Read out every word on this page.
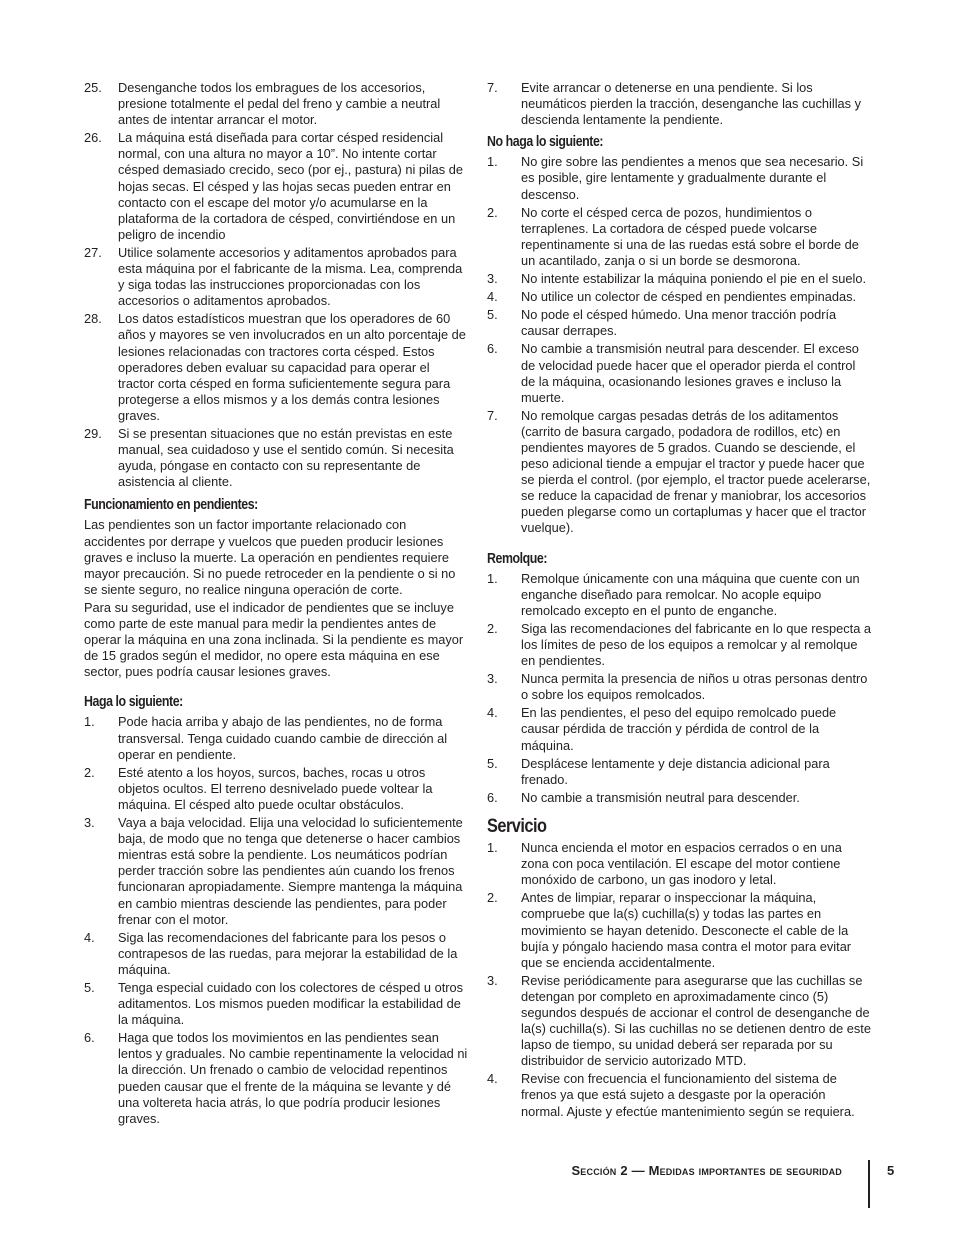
25. Desenganche todos los embragues de los accesorios, presione totalmente el pedal del freno y cambie a neutral antes de intentar arrancar el motor.
26. La máquina está diseñada para cortar césped residencial normal, con una altura no mayor a 10”. No intente cortar césped demasiado crecido, seco (por ej., pastura) ni pilas de hojas secas. El césped y las hojas secas pueden entrar en contacto con el escape del motor y/o acumularse en la plataforma de la cortadora de césped, convirtiéndose en un peligro de incendio
27. Utilice solamente accesorios y aditamentos aprobados para esta máquina por el fabricante de la misma. Lea, comprenda y siga todas las instrucciones proporcionadas con los accesorios o aditamentos aprobados.
28. Los datos estadísticos muestran que los operadores de 60 años y mayores se ven involucrados en un alto porcentaje de lesiones relacionadas con tractores corta césped. Estos operadores deben evaluar su capacidad para operar el tractor corta césped en forma suficientemente segura para protegerse a ellos mismos y a los demás contra lesiones graves.
29. Si se presentan situaciones que no están previstas en este manual, sea cuidadoso y use el sentido común. Si necesita ayuda, póngase en contacto con su representante de asistencia al cliente.
Funcionamiento en pendientes:

Las pendientes son un factor importante relacionado con accidentes por derrape y vuelcos que pueden producir lesiones graves e incluso la muerte. La operación en pendientes requiere mayor precaución. Si no puede retroceder en la pendiente o si no se siente seguro, no realice ninguna operación de corte.

Para su seguridad, use el indicador de pendientes que se incluye como parte de este manual para medir la pendientes antes de operar la máquina en una zona inclinada. Si la pendiente es mayor de 15 grados según el medidor, no opere esta máquina en ese sector, pues podría causar lesiones graves.

Haga lo siguiente:
1. Pode hacia arriba y abajo de las pendientes, no de forma transversal. Tenga cuidado cuando cambie de dirección al operar en pendiente.
2. Esté atento a los hoyos, surcos, baches, rocas u otros objetos ocultos. El terreno desnivelado puede voltear la máquina. El césped alto puede ocultar obstáculos.
3. Vaya a baja velocidad. Elija una velocidad lo suficientemente baja, de modo que no tenga que detenerse o hacer cambios mientras está sobre la pendiente. Los neumáticos podrían perder tracción sobre las pendientes aún cuando los frenos funcionaran apropiadamente. Siempre mantenga la máquina en cambio mientras desciende las pendientes, para poder frenar con el motor.
4. Siga las recomendaciones del fabricante para los pesos o contrapesos de las ruedas, para mejorar la estabilidad de la máquina.
5. Tenga especial cuidado con los colectores de césped u otros aditamentos. Los mismos pueden modificar la estabilidad de la máquina.
6. Haga que todos los movimientos en las pendientes sean lentos y graduales. No cambie repentinamente la velocidad ni la dirección. Un frenado o cambio de velocidad repentinos pueden causar que el frente de la máquina se levante y dé una voltereta hacia atrás, lo que podría producir lesiones graves.
7. Evite arrancar o detenerse en una pendiente. Si los neumáticos pierden la tracción, desenganche las cuchillas y descienda lentamente la pendiente.
No haga lo siguiente:
1. No gire sobre las pendientes a menos que sea necesario. Si es posible, gire lentamente y gradualmente durante el descenso.
2. No corte el césped cerca de pozos, hundimientos o terraplenes. La cortadora de césped puede volcarse repentinamente si una de las ruedas está sobre el borde de un acantilado, zanja o si un borde se desmorona.
3. No intente estabilizar la máquina poniendo el pie en el suelo.
4. No utilice un colector de césped en pendientes empinadas.
5. No pode el césped húmedo. Una menor tracción podría causar derrapes.
6. No cambie a transmisión neutral para descender. El exceso de velocidad puede hacer que el operador pierda el control de la máquina, ocasionando lesiones graves e incluso la muerte.
7. No remolque cargas pesadas detrás de los aditamentos (carrito de basura cargado, podadora de rodillos, etc) en pendientes mayores de 5 grados. Cuando se desciende, el peso adicional tiende a empujar el tractor y puede hacer que se pierda el control. (por ejemplo, el tractor puede acelerarse, se reduce la capacidad de frenar y maniobrar, los accesorios pueden plegarse como un cortaplumas y hacer que el tractor vuelque).
Remolque:
1. Remolque únicamente con una máquina que cuente con un enganche diseñado para remolcar. No acople equipo remolcado excepto en el punto de enganche.
2. Siga las recomendaciones del fabricante en lo que respecta a los límites de peso de los equipos a remolcar y al remolque en pendientes.
3. Nunca permita la presencia de niños u otras personas dentro o sobre los equipos remolcados.
4. En las pendientes, el peso del equipo remolcado puede causar pérdida de tracción y pérdida de control de la máquina.
5. Desplácese lentamente y deje distancia adicional para frenado.
6. No cambie a transmisión neutral para descender.
Servicio
1. Nunca encienda el motor en espacios cerrados o en una zona con poca ventilación. El escape del motor contiene monóxido de carbono, un gas inodoro y letal.
2. Antes de limpiar, reparar o inspeccionar la máquina, compruebe que la(s) cuchilla(s) y todas las partes en movimiento se hayan detenido. Desconecte el cable de la bujía y póngalo haciendo masa contra el motor para evitar que se encienda accidentalmente.
3. Revise periódicamente para asegurarse que las cuchillas se detengan por completo en aproximadamente cinco (5) segundos después de accionar el control de desenganche de la(s) cuchilla(s). Si las cuchillas no se detienen dentro de este lapso de tiempo, su unidad deberá ser reparada por su distribuidor de servicio autorizado MTD.
4. Revise con frecuencia el funcionamiento del sistema de frenos ya que está sujeto a desgaste por la operación normal. Ajuste y efectúe mantenimiento según se requiera.
Sección 2 — Medidas importantes de seguridad	5
